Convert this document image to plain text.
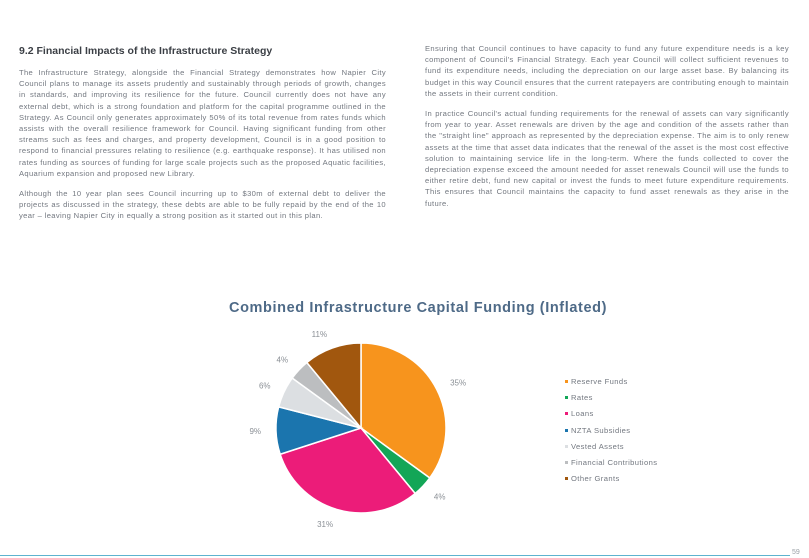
9.2 Financial Impacts of the Infrastructure Strategy

The Infrastructure Strategy, alongside the Financial Strategy demonstrates how Napier City Council plans to manage its assets prudently and sustainably through periods of growth, changes in standards, and improving its resilience for the future. Council currently does not have any external debt, which is a strong foundation and platform for the capital programme outlined in the Strategy. As Council only generates approximately 50% of its total revenue from rates funds which assists with the overall resilience framework for Council. Having significant funding from other streams such as fees and charges, and property development, Council is in a good position to respond to financial pressures relating to resilience (e.g. earthquake response). It has utilised non rates funding as sources of funding for large scale projects such as the proposed Aquatic facilities, Aquarium expansion and proposed new Library.

Although the 10 year plan sees Council incurring up to $30m of external debt to deliver the projects as discussed in the strategy, these debts are able to be fully repaid by the end of the 10 year – leaving Napier City in equally a strong position as it started out in this plan.

Ensuring that Council continues to have capacity to fund any future expenditure needs is a key component of Council's Financial Strategy. Each year Council will collect sufficient revenues to fund its expenditure needs, including the depreciation on our large asset base. By balancing its budget in this way Council ensures that the current ratepayers are contributing enough to maintain the assets in their current condition.

In practice Council's actual funding requirements for the renewal of assets can vary significantly from year to year. Asset renewals are driven by the age and condition of the assets rather than the "straight line" approach as represented by the depreciation expense. The aim is to only renew assets at the time that asset data indicates that the renewal of the asset is the most cost effective solution to maintaining service life in the long-term. Where the funds collected to cover the depreciation expense exceed the amount needed for asset renewals Council will use the funds to either retire debt, fund new capital or invest the funds to meet future expenditure requirements. This ensures that Council maintains the capacity to fund asset renewals as they arise in the future.

Combined Infrastructure Capital Funding (Inflated)
35%
4%
31%
9%
6%
4%
11%
Reserve Funds
Rates
Loans
NZTA Subsidies
Vested Assets
Financial Contributions
Other Grants
59
